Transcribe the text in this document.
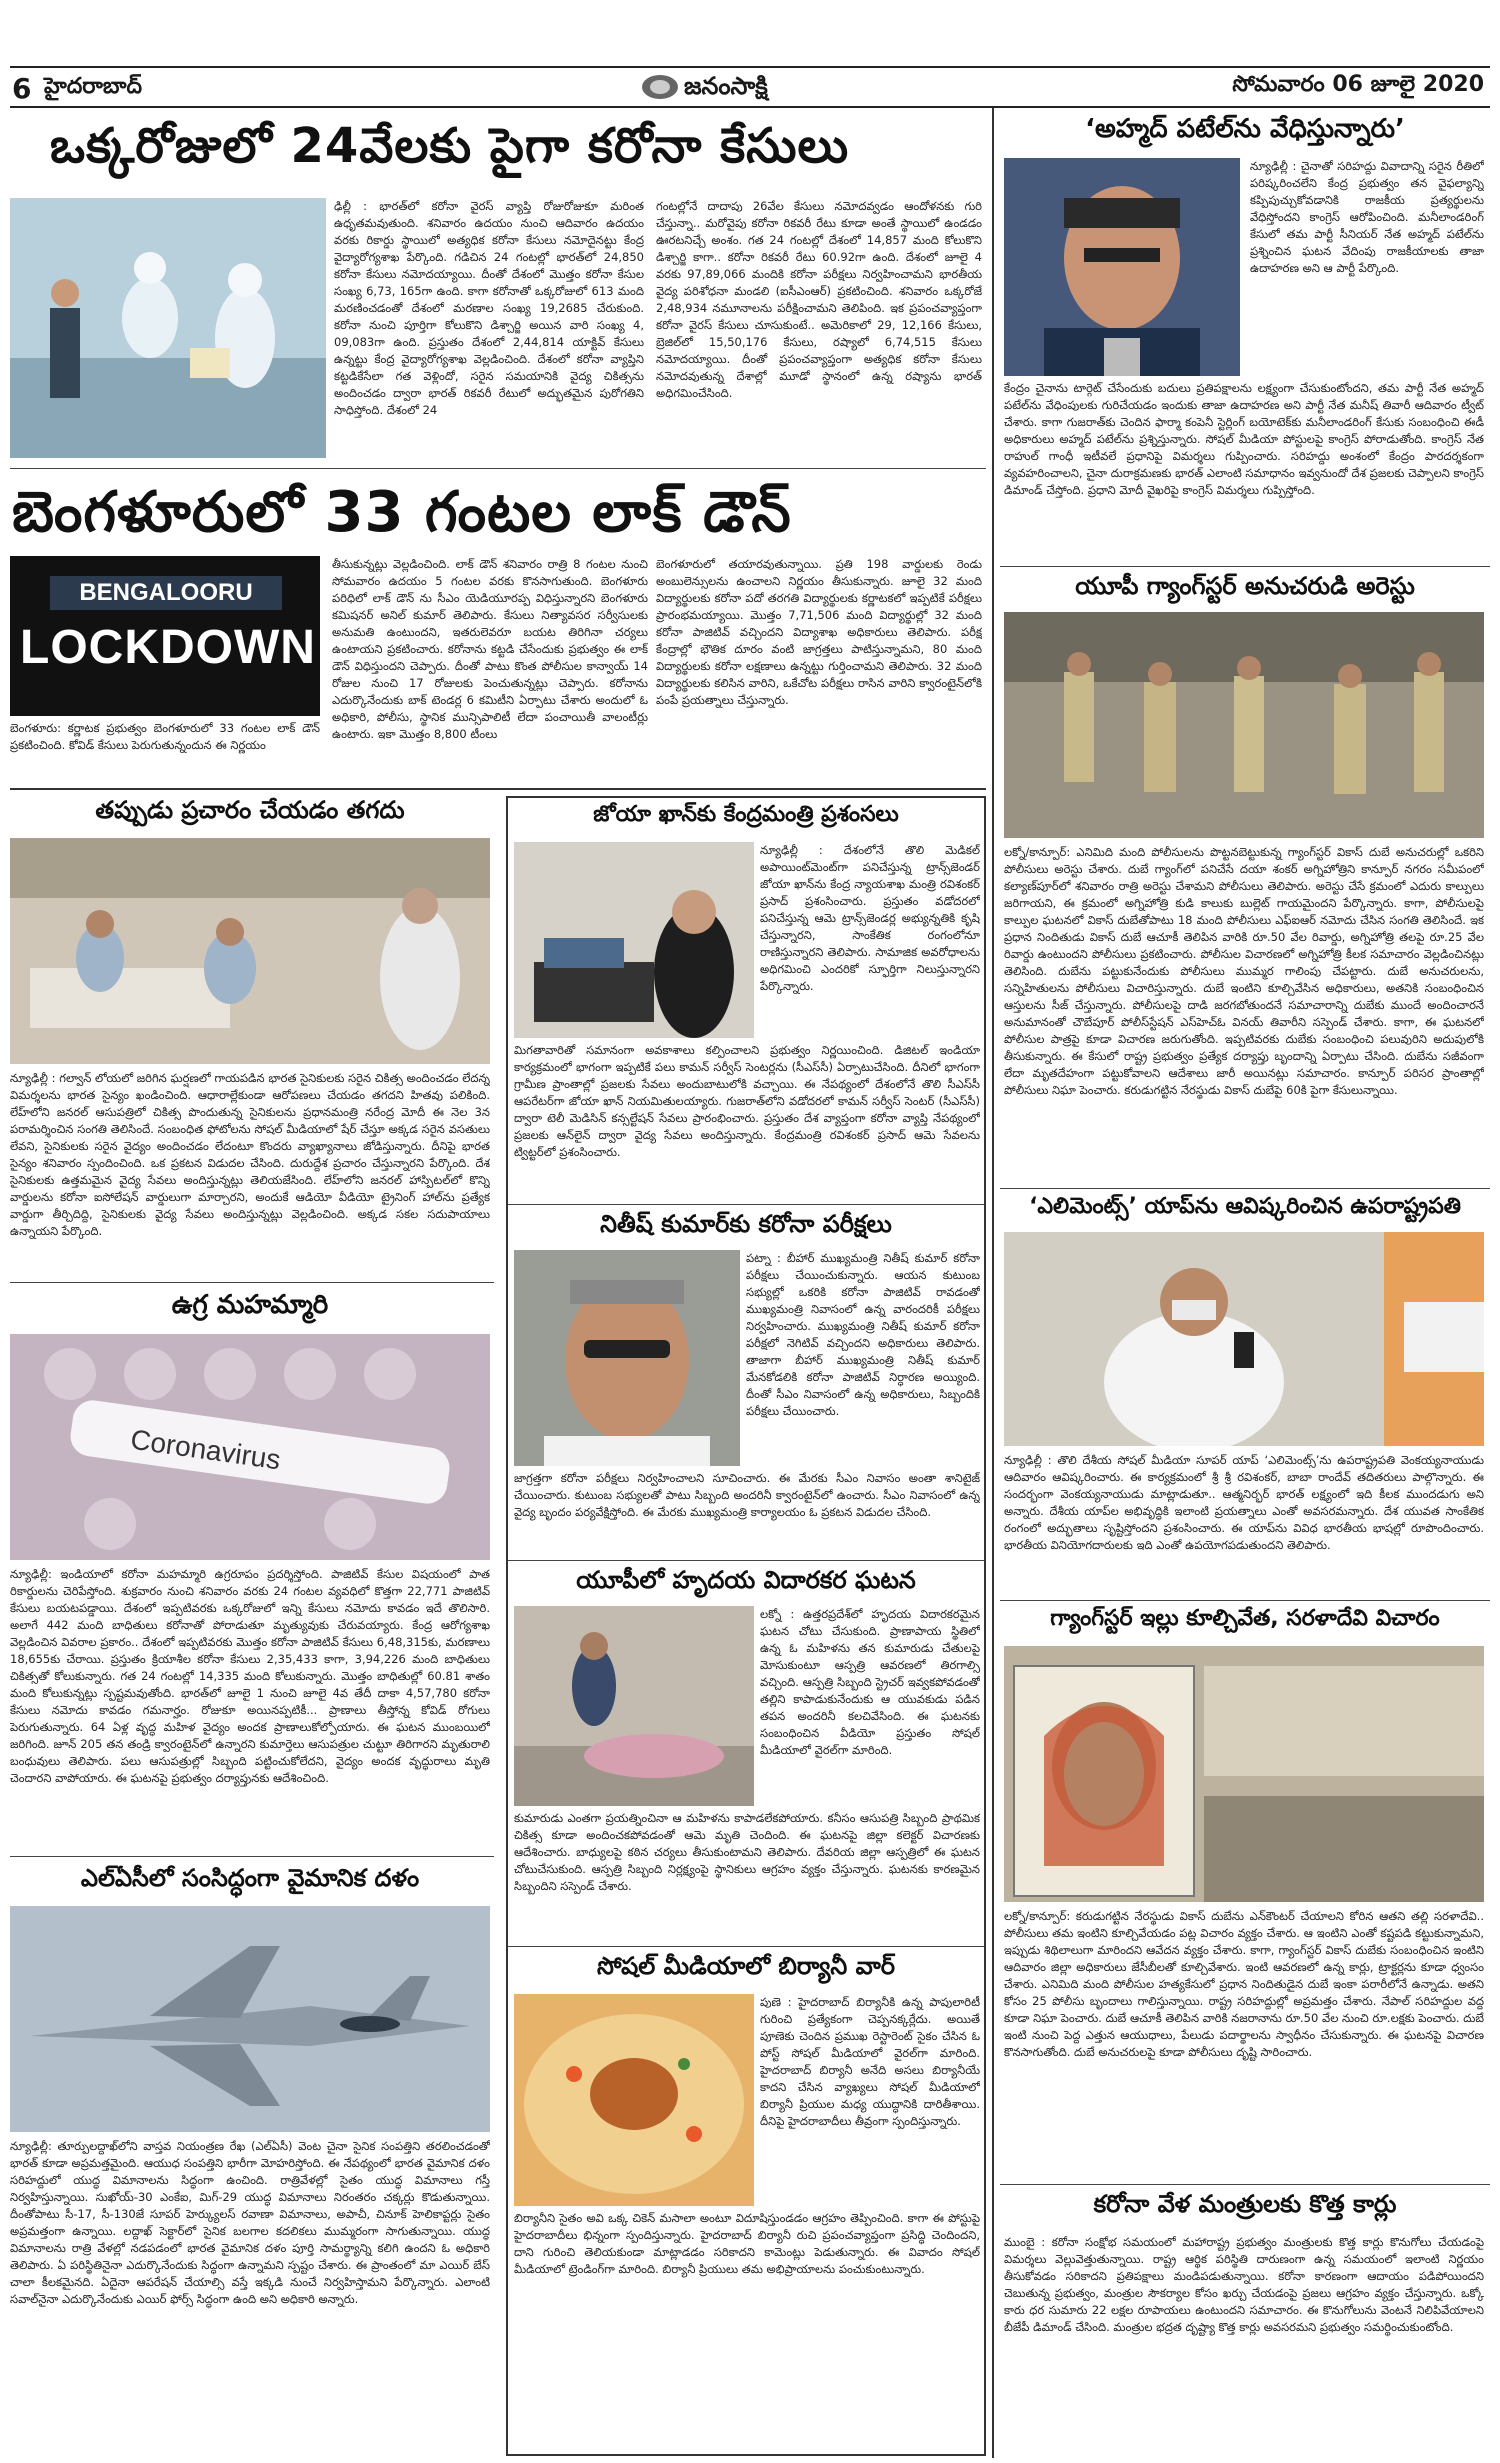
6 హైదరాబాద్	జనంసాక్షి	సోమవారం 06 జూలై 2020
ఒక్కరోజులో 24వేలకు పైగా కరోనా కేసులు
ఢిల్లీ : భారత్‌లో కరోనా వైరస్‌ వ్యాప్తి రోజురోజుకూ మరింత ఉధృతమవుతుంది. శనివారం ఉదయం నుంచి ఆదివారం ఉదయం వరకు రికార్డు స్థాయిలో అత్యధిక కరోనా కేసులు నమోదైనట్టు కేంద్ర వైద్యారోగ్యశాఖ పేర్కొంది. గడిచిన 24 గంటల్లో భారత్‌లో 24,850 కరోనా కేసులు నమోదయ్యాయి. దీంతో దేశంలో మొత్తం కరోనా కేసుల సంఖ్య 6,73, 165గా ఉంది. కాగా కరోనాతో ఒక్కరోజులో 613 మంది మరణించడంతో దేశంలో మరణాల సంఖ్య 19,2685 చేరుకుంది. కరోనా నుంచి పూర్తిగా కోలుకొని డిశ్చార్జి అయిన వారి సంఖ్య 4, 09,083గా ఉంది. ప్రస్తుతం దేశంలో 2,44,814 యాక్టివ్‌ కేసులు ఉన్నట్టు కేంద్ర వైద్యారోగ్యశాఖ వెల్లడించింది. దేశంలో కరోనా వ్యాప్తిని కట్టడికేసేలా గత వెళ్లిందో, సరైన సమయానికి వైద్య చికిత్సను అందించడం ద్వారా భారత్‌ రికవరీ రేటులో అద్భుతమైన పురోగతిని సాధిస్తోంది. దేశంలో 24
గంటల్లోనే దాదాపు 26వేల కేసులు నమోదవ్వడం ఆందోళనకు గురి చేస్తున్నా.. మరోవైపు కరోనా రికవరీ రేటు కూడా అంతే స్థాయిలో ఉండడం ఊరటనిచ్చే అంశం. గత 24 గంటల్లో దేశంలో 14,857 మంది కోలుకొని డిశ్చార్జి కాగా.. కరోనా రికవరీ రేటు 60.92గా ఉంది. దేశంలో జూలై 4 వరకు 97,89,066 మందికి కరోనా పరీక్షలు నిర్వహించామని భారతీయ వైద్య పరిశోధనా మండలి (ఐసీఎంఆర్‌) ప్రకటించింది. శనివారం ఒక్కరోజే 2,48,934 నమూనాలను పరీక్షించామని తెలిపింది. ఇక ప్రపంచవ్యాప్తంగా కరోనా వైరస్‌ కేసులు చూసుకుంటే.. అమెరికాలో 29, 12,166 కేసులు, బ్రెజిల్‌లో 15,50,176 కేసులు, రష్యాలో 6,74,515 కేసులు నమోదయ్యాయి. దీంతో ప్రపంచవ్యాప్తంగా అత్యధిక కరోనా కేసులు నమోదవుతున్న దేశాల్లో మూడో స్థానంలో ఉన్న రష్యాను భారత్‌ అధిగమించేసింది.
బెంగళూరులో 33 గంటల లాక్‌ డౌన్‌
BENGALOORU
LOCKDOWN
బెంగళూరు: కర్ణాటక ప్రభుత్వం బెంగళూరులో 33 గంటల లాక్‌ డౌన్‌ ప్రకటించింది. కోవిడ్‌ కేసులు పెరుగుతున్నందున ఈ నిర్ణయం
తీసుకున్నట్లు వెల్లడించింది. లాక్‌ డౌన్‌ శనివారం రాత్రి 8 గంటల నుంచి సోమవారం ఉదయం 5 గంటల వరకు కొనసాగుతుంది. బెంగళూరు పరిధిలో లాక్‌ డౌన్‌ ను సీఎం యెడియూరప్ప విధిస్తున్నారని బెంగళూరు కమిషనర్‌ అనిల్‌ కుమార్‌ తెలిపారు. కేసులు నిత్యావసర సర్వీసులకు అనుమతి ఉంటుందని, ఇతరులెవరూ బయట తిరిగినా చర్యలు ఉంటాయని ప్రకటించారు. కరోనాను కట్టడి చేసేందుకు ప్రభుత్వం ఈ లాక్‌ డౌన్‌ విధిస్తుందని చెప్పారు. దీంతో పాటు కొంత పోలీసుల కాన్వాయ్‌ 14 రోజుల నుంచి 17 రోజులకు పెంచుతున్నట్లు చెప్పారు. కరోనాను ఎదుర్కొనేందుకు బాక్‌ టెండర్ల 6 కమిటీని ఏర్పాటు చేశారు అందులో ఓ అధికారి, పోలీసు, స్థానిక మున్సిపాలిటీ లేదా పంచాయితీ వాలంటీర్లు ఉంటారు. ఇకా మొత్తం 8,800 టీంలు
బెంగళూరులో తయారవుతున్నాయి. ప్రతి 198 వార్డులకు రెండు అంబులెన్సులను ఉంచాలని నిర్ణయం తీసుకున్నారు. జూలై 32 మంది విద్యార్థులకు కరోనా పదో తరగతి విద్యార్థులకు కర్ణాటకలో ఇప్పటికే పరీక్షలు ప్రారంభమయ్యాయి. మొత్తం 7,71,506 మంది విద్యార్థుల్లో 32 మంది కరోనా పాజిటివ్‌ వచ్చిందని విద్యాశాఖ అధికారులు తెలిపారు. పరీక్ష కేంద్రాల్లో భౌతిక దూరం వంటి జాగ్రత్తలు పాటిస్తున్నామని, 80 మంది విద్యార్థులకు కరోనా లక్షణాలు ఉన్నట్టు గుర్తించామని తెలిపారు. 32 మంది విద్యార్థులకు కలిసిన వారిని, ఒకేచోట పరీక్షలు రాసిన వారిని క్వారంటైన్‌లోకి పంపే ప్రయత్నాలు చేస్తున్నారు.
‘అహ్మద్‌ పటేల్‌ను వేధిస్తున్నారు’
న్యూఢిల్లీ : చైనాతో సరిహద్దు వివాదాన్ని సరైన రీతిలో పరిష్కరించలేని కేంద్ర ప్రభుత్వం తన వైఫల్యాన్ని కప్పిపుచ్చుకోవడానికి రాజకీయ ప్రత్యర్థులను వేధిస్తోందని కాంగ్రెస్‌ ఆరోపించింది. మనీలాండరింగ్‌ కేసులో తమ పార్టీ సీనియర్‌ నేత అహ్మద్‌ పటేల్‌ను ప్రశ్నించిన ఘటన వేదింపు రాజకీయాలకు తాజా ఉదాహరణ అని ఆ పార్టీ పేర్కొంది.
కేంద్రం చైనాను టార్గెట్‌ చేసేందుకు బదులు ప్రతిపక్షాలను లక్ష్యంగా చేసుకుంటోందని, తమ పార్టీ నేత అహ్మద్‌ పటేల్‌ను వేధింపులకు గురిచేయడం ఇందుకు తాజా ఉదాహరణ అని పార్టీ నేత మనీష్‌ తివారీ ఆదివారం ట్వీట్‌ చేశారు. కాగా గుజరాత్‌కు చెందిన ఫార్మా కంపెనీ స్టెర్లింగ్‌ బయోటెక్‌కు మనీలాండరింగ్‌ కేసుకు సంబంధించి ఈడీ అధికారులు అహ్మద్‌ పటేల్‌ను ప్రశ్నిస్తున్నారు. సోషల్‌ మీడియా పోస్టులపై కాంగ్రెస్‌ పోరాడుతోంది. కాంగ్రెస్‌ నేత రాహుల్‌ గాంధీ ఇటీవలే ప్రధానిపై విమర్శలు గుప్పించారు. సరిహద్దు అంశంలో కేంద్రం పారదర్శకంగా వ్యవహరించాలని, చైనా దురాక్రమణకు భారత్‌ ఎలాంటి సమాధానం ఇవ్వనుందో దేశ ప్రజలకు చెప్పాలని కాంగ్రెస్‌ డిమాండ్‌ చేస్తోంది. ప్రధాని మోదీ వైఖరిపై కాంగ్రెస్‌ విమర్శలు గుప్పిస్తోంది.
యూపీ గ్యాంగ్‌స్టర్‌ అనుచరుడి అరెస్టు
లక్నో/కాన్పూర్‌: ఎనిమిది మంది పోలీసులను పొట్టనబెట్టుకున్న గ్యాంగ్‌స్టర్‌ వికాస్‌ దుబే అనుచరుల్లో ఒకరిని పోలీసులు అరెస్టు చేశారు. దుబే గ్యాంగ్‌లో పనిచేసే దయా శంకర్‌ అగ్నిహోత్రిని కాన్పూర్‌ నగరం సమీపంలో కల్యాణ్‌పూర్‌లో శనివారం రాత్రి అరెస్టు చేశామని పోలీసులు తెలిపారు. అరెస్టు చేసే క్రమంలో ఎదురు కాల్పులు జరిగాయని, ఈ క్రమంలో అగ్నిహోత్రి కుడి కాలుకు బుల్లెట్‌ గాయమైందని పేర్కొన్నారు. కాగా, పోలీసులపై కాల్పుల ఘటనలో వికాస్‌ దుబేతోపాటు 18 మంది పోలీసులు ఎఫ్‌ఐఆర్‌ నమోదు చేసిన సంగతి తెలిసిందే. ఇక ప్రధాన నిందితుడు వికాస్‌ దుబే ఆచూకీ తెలిపిన వారికి రూ.50 వేల రివార్డు, అగ్నిహోత్రి తలపై రూ.25 వేల రివార్డు ఉంటుందని పోలీసులు ప్రకటించారు. పోలీసుల విచారణలో అగ్నిహోత్రి కీలక సమాచారం వెల్లడించినట్లు తెలిసింది. దుబేను పట్టుకునేందుకు పోలీసులు ముమ్మర గాలింపు చేపట్టారు. దుబే అనుచరులను, సన్నిహితులను పోలీసులు విచారిస్తున్నారు. దుబే ఇంటిని కూల్చివేసిన అధికారులు, అతనికి సంబంధించిన ఆస్తులను సీజ్‌ చేస్తున్నారు. పోలీసులపై దాడి జరగబోతుందనే సమాచారాన్ని దుబేకు ముందే అందించారనే అనుమానంతో చౌబేపూర్‌ పోలీస్‌స్టేషన్‌ ఎస్‌హెచ్‌ఓ వినయ్‌ తివారీని సస్పెండ్‌ చేశారు. కాగా, ఈ ఘటనలో పోలీసుల పాత్రపై కూడా విచారణ జరుగుతోంది. ఇప్పటివరకు దుబేకు సంబంధించి పలువురిని అదుపులోకి తీసుకున్నారు. ఈ కేసులో రాష్ట్ర ప్రభుత్వం ప్రత్యేక దర్యాప్తు బృందాన్ని ఏర్పాటు చేసింది. దుబేను సజీవంగా లేదా మృతదేహంగా పట్టుకోవాలని ఆదేశాలు జారీ అయినట్లు సమాచారం. కాన్పూర్‌ పరిసర ప్రాంతాల్లో పోలీసులు నిఘా పెంచారు. కరుడుగట్టిన నేరస్థుడు వికాస్‌ దుబేపై 60కి పైగా కేసులున్నాయి.
‘ఎలిమెంట్స్‌’ యాప్‌ను ఆవిష్కరించిన ఉపరాష్ట్రపతి
న్యూఢిల్లీ : తొలి దేశీయ సోషల్‌ మీడియా సూపర్‌ యాప్‌ ‘ఎలిమెంట్స్‌’ను ఉపరాష్ట్రపతి వెంకయ్యనాయుడు ఆదివారం ఆవిష్కరించారు. ఈ కార్యక్రమంలో శ్రీ శ్రీ రవిశంకర్‌, బాబా రాందేవ్‌ తదితరులు పాల్గొన్నారు. ఈ సందర్భంగా వెంకయ్యనాయుడు మాట్లాడుతూ.. ఆత్మనిర్భర్‌ భారత్‌ లక్ష్యంలో ఇది కీలక ముందడుగు అని అన్నారు. దేశీయ యాప్‌ల అభివృద్ధికి ఇలాంటి ప్రయత్నాలు ఎంతో అవసరమన్నారు. దేశ యువత సాంకేతిక రంగంలో అద్భుతాలు సృష్టిస్తోందని ప్రశంసించారు. ఈ యాప్‌ను వివిధ భారతీయ భాషల్లో రూపొందించారు. భారతీయ వినియోగదారులకు ఇది ఎంతో ఉపయోగపడుతుందని తెలిపారు.
గ్యాంగ్‌స్టర్‌ ఇల్లు కూల్చివేత, సరళాదేవి విచారం
లక్నో/కాన్పూర్‌: కరుడుగట్టిన నేరస్థుడు వికాస్‌ దుబేను ఎన్‌కౌంటర్‌ చేయాలని కోరిన ఆతని తల్లి సరళాదేవి.. పోలీసులు తమ ఇంటిని కూల్చివేయడం పట్ల విచారం వ్యక్తం చేశారు. ఆ ఇంటిని ఎంతో కష్టపడి కట్టుకున్నామని, ఇప్పుడు శిథిలాలుగా మారిందని ఆవేదన వ్యక్తం చేశారు. కాగా, గ్యాంగ్‌స్టర్‌ వికాస్‌ దుబేకు సంబంధించిన ఇంటిని ఆదివారం జిల్లా అధికారులు జేసీబీలతో కూల్చివేశారు. ఇంటి ఆవరణలో ఉన్న కార్లు, ట్రాక్టర్లను కూడా ధ్వంసం చేశారు. ఎనిమిది మంది పోలీసుల హత్యకేసులో ప్రధాన నిందితుడైన దుబే ఇంకా పరారీలోనే ఉన్నాడు. అతని కోసం 25 పోలీసు బృందాలు గాలిస్తున్నాయి. రాష్ట్ర సరిహద్దుల్లో అప్రమత్తం చేశారు. నేపాల్‌ సరిహద్దుల వద్ద కూడా నిఘా పెంచారు. దుబే ఆచూకీ తెలిపిన వారికి నజరానాను రూ.50 వేల నుంచి రూ.లక్షకు పెంచారు. దుబే ఇంటి నుంచి పెద్ద ఎత్తున ఆయుధాలు, పేలుడు పదార్థాలను స్వాధీనం చేసుకున్నారు. ఈ ఘటనపై విచారణ కొనసాగుతోంది. దుబే అనుచరులపై కూడా పోలీసులు దృష్టి సారించారు.
కరోనా వేళ మంత్రులకు కొత్త కార్లు
ముంబై : కరోనా సంక్షోభ సమయంలో మహారాష్ట్ర ప్రభుత్వం మంత్రులకు కొత్త కార్లు కొనుగోలు చేయడంపై విమర్శలు వెల్లువెత్తుతున్నాయి. రాష్ట్ర ఆర్థిక పరిస్థితి దారుణంగా ఉన్న సమయంలో ఇలాంటి నిర్ణయం తీసుకోవడం సరికాదని ప్రతిపక్షాలు మండిపడుతున్నాయి. కరోనా కారణంగా ఆదాయం పడిపోయిందని చెబుతున్న ప్రభుత్వం, మంత్రుల సౌకర్యాల కోసం ఖర్చు చేయడంపై ప్రజలు ఆగ్రహం వ్యక్తం చేస్తున్నారు. ఒక్కో కారు ధర సుమారు 22 లక్షల రూపాయలు ఉంటుందని సమాచారం. ఈ కొనుగోలును వెంటనే నిలిపివేయాలని బీజేపీ డిమాండ్‌ చేసింది. మంత్రుల భద్రత దృష్ట్యా కొత్త కార్లు అవసరమని ప్రభుత్వం సమర్థించుకుంటోంది.
తప్పుడు ప్రచారం చేయడం తగదు
న్యూఢిల్లీ : గల్వాన్‌ లోయలో జరిగిన ఘర్షణలో గాయపడిన భారత సైనికులకు సరైన చికిత్స అందించడం లేదన్న విమర్శలను భారత సైన్యం ఖండించింది. ఆధారాల్లేకుండా ఆరోపణలు చేయడం తగదని హితవు పలికింది. లేహ్‌లోని జనరల్‌ ఆసుపత్రిలో చికిత్స పొందుతున్న సైనికులను ప్రధానమంత్రి నరేంద్ర మోదీ ఈ నెల 3న పరామర్శించిన సంగతి తెలిసిందే. సంబంధిత ఫోటోలను సోషల్‌ మీడియాలో షేర్‌ చేస్తూ అక్కడ సరైన వసతులు లేవని, సైనికులకు సరైన వైద్యం అందించడం లేదంటూ కొందరు వ్యాఖ్యానాలు జోడిస్తున్నారు. దీనిపై భారత సైన్యం శనివారం స్పందించింది. ఒక ప్రకటన విడుదల చేసింది. దురుద్దేశ ప్రచారం చేస్తున్నారని పేర్కొంది. దేశ సైనికులకు ఉత్తమమైన వైద్య సేవలు అందిస్తున్నట్లు తెలియజేసింది. లేహ్‌లోని జనరల్‌ హాస్పిటల్‌లో కొన్ని వార్డులను కరోనా ఐసోలేషన్‌ వార్డులుగా మార్చారని, అందుకే ఆడియో వీడియో ట్రైనింగ్‌ హాల్‌ను ప్రత్యేక వార్డుగా తీర్చిదిద్ది, సైనికులకు వైద్య సేవలు అందిస్తున్నట్లు వెల్లడించింది. అక్కడ సకల సదుపాయాలు ఉన్నాయని పేర్కొంది.
ఉగ్ర మహమ్మారి
Coronavirus
న్యూఢిల్లీ: ఇండియాలో కరోనా మహమ్మారి ఉగ్రరూపం ప్రదర్శిస్తోంది. పాజిటివ్‌ కేసుల విషయంలో పాత రికార్డులను చెరిపేస్తోంది. శుక్రవారం నుంచి శనివారం వరకు 24 గంటల వ్యవధిలో కొత్తగా 22,771 పాజిటివ్‌ కేసులు బయటపడ్డాయి. దేశంలో ఇప్పటివరకు ఒక్కరోజులో ఇన్ని కేసులు నమోదు కావడం ఇదే తొలిసారి. అలాగే 442 మంది బాధితులు కరోనాతో పోరాడుతూ మృత్యువుకు చేరువయ్యారు. కేంద్ర ఆరోగ్యశాఖ వెల్లడించిన వివరాల ప్రకారం.. దేశంలో ఇప్పటివరకు మొత్తం కరోనా పాజిటివ్‌ కేసులు 6,48,315కు, మరణాలు 18,655కు చేరాయి. ప్రస్తుతం క్రియాశీల కరోనా కేసులు 2,35,433 కాగా, 3,94,226 మంది బాధితులు చికిత్సతో కోలుకున్నారు. గత 24 గంటల్లో 14,335 మంది కోలుకున్నారు. మొత్తం బాధితుల్లో 60.81 శాతం మంది కోలుకున్నట్లు స్పష్టమవుతోంది. భారత్‌లో జూలై 1 నుంచి జూలై 4వ తేదీ దాకా 4,57,780 కరోనా కేసులు నమోదు కావడం గమనార్హం. రోజుకూ అయినప్పటికీ... ప్రాణాలు తీస్తోన్న కోవిడ్‌ రోగులు పెరుగుతున్నారు. 64 ఏళ్ల వృద్ధ మహిళ వైద్యం అందక ప్రాణాలుకోల్పోయారు. ఈ ఘటన ముంబయిలో జరిగింది. జూన్‌ 205 తన తండ్రి క్వారంటైన్‌లో ఉన్నారని కుమార్తెలు ఆసుపత్రుల చుట్టూ తిరిగారని మృతురాలి బంధువులు తెలిపారు. పలు ఆసుపత్రుల్లో సిబ్బంది పట్టించుకోలేదని, వైద్యం అందక వృద్ధురాలు మృతి చెందారని వాపోయారు. ఈ ఘటనపై ప్రభుత్వం దర్యాప్తునకు ఆదేశించింది.
ఎల్‌ఏసీలో సంసిద్ధంగా వైమానిక దళం
న్యూఢిల్లీ: తూర్పులద్దాఖ్‌లోని వాస్తవ నియంత్రణ రేఖ (ఎల్‌ఏసీ) వెంట చైనా సైనిక సంపత్తిని తరలించడంతో భారత్‌ కూడా అప్రమత్తమైంది. ఆయుధ సంపత్తిని భారీగా మోహరిస్తోంది. ఈ నేపథ్యంలో భారత వైమానిక దళం సరిహద్దులో యుద్ధ విమానాలను సిద్ధంగా ఉంచింది. రాత్రివేళల్లో సైతం యుద్ధ విమానాలు గస్తీ నిర్వహిస్తున్నాయి. సుఖోయ్‌-30 ఎంకేఐ, మిగ్‌-29 యుద్ధ విమానాలు నిరంతరం చక్కర్లు కొడుతున్నాయి. దీంతోపాటు సీ-17, సీ-130జే సూపర్‌ హెర్క్యులస్‌ రవాణా విమానాలు, అపాచీ, చినూక్‌ హెలికాప్టర్లు సైతం అప్రమత్తంగా ఉన్నాయి. లద్దాఖ్‌ సెక్టార్‌లో సైనిక బలగాల కదలికలు ముమ్మరంగా సాగుతున్నాయి. యుద్ధ విమానాలను రాత్రి వేళల్లో నడపడంలో భారత వైమానిక దళం పూర్తి సామర్థ్యాన్ని కలిగి ఉందని ఓ అధికారి తెలిపారు. ఏ పరిస్థితినైనా ఎదుర్కొనేందుకు సిద్ధంగా ఉన్నామని స్పష్టం చేశారు. ఈ ప్రాంతంలో మా ఎయిర్‌ బేస్‌ చాలా కీలకమైనది. ఏదైనా ఆపరేషన్‌ చేయాల్సి వస్తే ఇక్కడి నుంచే నిర్వహిస్తామని పేర్కొన్నారు. ఎలాంటి సవాల్‌నైనా ఎదుర్కొనేందుకు ఎయిర్‌ ఫోర్స్‌ సిద్ధంగా ఉంది అని అధికారి అన్నారు.
జోయా ఖాన్‌కు కేంద్రమంత్రి ప్రశంసలు
న్యూఢిల్లీ : దేశంలోనే తొలి మెడికల్‌ అపాయింట్‌మెంట్‌గా పనిచేస్తున్న ట్రాన్స్‌జెండర్‌ జోయా ఖాన్‌ను కేంద్ర న్యాయశాఖ మంత్రి రవిశంకర్‌ ప్రసాద్‌ ప్రశంసించారు. ప్రస్తుతం వడోదరలో పనిచేస్తున్న ఆమె ట్రాన్స్‌జెండర్ల అభ్యున్నతికి కృషి చేస్తున్నారని, సాంకేతిక రంగంలోనూ రాణిస్తున్నారని తెలిపారు. సామాజిక అవరోధాలను అధిగమించి ఎందరికో స్ఫూర్తిగా నిలుస్తున్నారని పేర్కొన్నారు.
మిగతావారితో సమానంగా అవకాశాలు కల్పించాలని ప్రభుత్వం నిర్ణయించింది. డిజిటల్‌ ఇండియా కార్యక్రమంలో భాగంగా ఇప్పటికే పలు కామన్‌ సర్వీస్‌ సెంటర్లను (సీఎస్‌సీ) ఏర్పాటుచేసింది. దీనిలో భాగంగా గ్రామీణ ప్రాంతాల్లో ప్రజలకు సేవలు అందుబాటులోకి వచ్చాయి. ఈ నేపథ్యంలో దేశంలోనే తొలి సీఎస్‌సీ ఆపరేటర్‌గా జోయా ఖాన్‌ నియమితులయ్యారు. గుజరాత్‌లోని వడోదరలో కామన్‌ సర్వీస్‌ సెంటర్‌ (సీఎస్‌సీ) ద్వారా టెలీ మెడిసిన్‌ కన్సల్టేషన్‌ సేవలు ప్రారంభించారు. ప్రస్తుతం దేశ వ్యాప్తంగా కరోనా వ్యాప్తి నేపథ్యంలో ప్రజలకు ఆన్‌లైన్‌ ద్వారా వైద్య సేవలు అందిస్తున్నారు. కేంద్రమంత్రి రవిశంకర్‌ ప్రసాద్‌ ఆమె సేవలను ట్విట్టర్‌లో ప్రశంసించారు.
నితీష్‌ కుమార్‌కు కరోనా పరీక్షలు
పట్నా : బీహార్‌ ముఖ్యమంత్రి నితీష్‌ కుమార్‌ కరోనా పరీక్షలు చేయించుకున్నారు. ఆయన కుటుంబ సభ్యుల్లో ఒకరికి కరోనా పాజిటివ్‌ రావడంతో ముఖ్యమంత్రి నివాసంలో ఉన్న వారందరికీ పరీక్షలు నిర్వహించారు. ముఖ్యమంత్రి నితీష్‌ కుమార్‌ కరోనా పరీక్షలో నెగిటివ్‌ వచ్చిందని అధికారులు తెలిపారు. తాజాగా బీహార్‌ ముఖ్యమంత్రి నితీష్‌ కుమార్‌ మేనకోడలికి కరోనా పాజిటివ్‌ నిర్ధారణ అయ్యింది. దీంతో సీఎం నివాసంలో ఉన్న అధికారులు, సిబ్బందికి పరీక్షలు చేయించారు.
జాగ్రత్తగా కరోనా పరీక్షలు నిర్వహించాలని సూచించారు. ఈ మేరకు సీఎం నివాసం అంతా శానిటైజ్‌ చేయించారు. కుటుంబ సభ్యులతో పాటు సిబ్బంది అందరినీ క్వారంటైన్‌లో ఉంచారు. సీఎం నివాసంలో ఉన్న వైద్య బృందం పర్యవేక్షిస్తోంది. ఈ మేరకు ముఖ్యమంత్రి కార్యాలయం ఓ ప్రకటన విడుదల చేసింది.
యూపీలో హృదయ విదారకర ఘటన
లక్నో : ఉత్తరప్రదేశ్‌లో హృదయ విదారకరమైన ఘటన చోటు చేసుకుంది. ప్రాణాపాయ స్థితిలో ఉన్న ఓ మహిళను తన కుమారుడు చేతులపై మోసుకుంటూ ఆస్పత్రి ఆవరణలో తిరగాల్సి వచ్చింది. ఆస్పత్రి సిబ్బంది స్ట్రెచర్‌ ఇవ్వకపోవడంతో తల్లిని కాపాడుకునేందుకు ఆ యువకుడు పడిన తపన అందరినీ కలచివేసింది. ఈ ఘటనకు సంబంధించిన వీడియో ప్రస్తుతం సోషల్‌ మీడియాలో వైరల్‌గా మారింది.
కుమారుడు ఎంతగా ప్రయత్నించినా ఆ మహిళను కాపాడలేకపోయారు. కనీసం ఆసుపత్రి సిబ్బంది ప్రాథమిక చికిత్స కూడా అందించకపోవడంతో ఆమె మృతి చెందింది. ఈ ఘటనపై జిల్లా కలెక్టర్‌ విచారణకు ఆదేశించారు. బాధ్యులపై కఠిన చర్యలు తీసుకుంటామని తెలిపారు. దేవరియ జిల్లా ఆస్పత్రిలో ఈ ఘటన చోటుచేసుకుంది. ఆస్పత్రి సిబ్బంది నిర్లక్ష్యంపై స్థానికులు ఆగ్రహం వ్యక్తం చేస్తున్నారు. ఘటనకు కారణమైన సిబ్బందిని సస్పెండ్‌ చేశారు.
సోషల్‌ మీడియాలో బిర్యానీ వార్‌
పుణె : హైదరాబాద్‌ బిర్యానీకి ఉన్న పాపులారిటీ గురించి ప్రత్యేకంగా చెప్పనక్కర్లేదు. అయితే పూణెకు చెందిన ప్రముఖ రెస్టారెంట్‌ సైకం చేసిన ఓ పోస్ట్‌ సోషల్‌ మీడియాలో వైరల్‌గా మారింది. హైదరాబాద్‌ బిర్యానీ అనేది అసలు బిర్యానీయే కాదని చేసిన వ్యాఖ్యలు సోషల్‌ మీడియాలో బిర్యానీ ప్రియుల మధ్య యుద్ధానికి దారితీశాయి. దీనిపై హైదరాబాదీలు తీవ్రంగా స్పందిస్తున్నారు.
బిర్యానీని సైతం అవి ఒక్క చికెన్‌ మసాలా అంటూ విదూషిస్తుండడం ఆగ్రహం తెప్పించింది. కాగా ఈ పోస్టుపై హైదరాబాదీలు భిన్నంగా స్పందిస్తున్నారు. హైదరాబాద్‌ బిర్యానీ రుచి ప్రపంచవ్యాప్తంగా ప్రసిద్ధి చెందిందని, దాని గురించి తెలియకుండా మాట్లాడడం సరికాదని కామెంట్లు పెడుతున్నారు. ఈ వివాదం సోషల్‌ మీడియాలో ట్రెండింగ్‌గా మారింది. బిర్యానీ ప్రియులు తమ అభిప్రాయాలను పంచుకుంటున్నారు.
